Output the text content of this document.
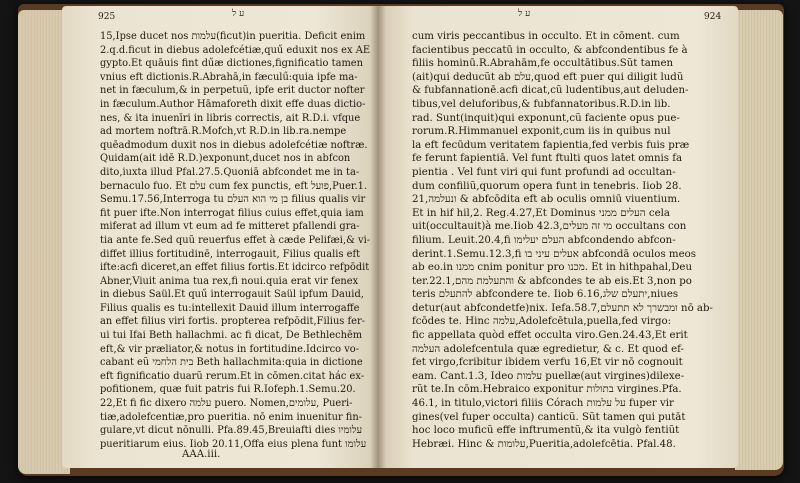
925	ע ל
15,Ipse ducet nos עלמות(ficut)in pueritia. Deficit enim
2.q.d.ficut in diebus adolefcétiæ,quű eduxit nos ex AE
gypto.Et quāuis fint dűæ dictiones,fignificatio tamen
vnius eft dictionis.R.Abrahā,in fæculű:quia ipfe ma-
net in fæculum,& in perpetuũ, ipfe erit ductor nofter
in fæculum.Author Hāmaforeth dixit effe duas dictio-
nes, & ita inuenīri in libris correctis, ait R.D.i. vfque
ad mortem noftrā.R.Mofch,vt R.D.in lib.ra.nempe
quēadmodum duxit nos in diebus adolefcétiæ noftræ.
Quidam(ait idē R.D.)exponunt,ducet nos in abfcon
dito,iuxta illud Pfal.27.5.Quoniā abfcondet me in ta-
bernaculo fuo. Et עלם cum fex punctis, eft פועל,Puer.1.
Semu.17.56,Interroga tu בן מי הוא העלם filius qualis vir
fit puer ifte.Non interrogat filius cuius effet,quia iam
miferat ad illum vt eum ad fe mitteret pfallendi gra-
tia ante fe.Sed quũ reuerfus effet à cæde Pelifæi,& vi-
diffet illius fortitudinē, interrogauit, Filius qualis eft
ifte:acfi diceret,an effet filius fortis.Et idcirco refpōdit
Abner,Viuit anima tua rex,fi noui.quia erat vir fenex
in diebus Saül.Et quű interrogauit Saül ipfum Dauid,
Filius qualis es tu:intellexit Dauid illum interrogaffe
an effet filius viri fortis. propterea refpōdit,Filius fer-
ui tui Ifai Beth hallachmi. ac fi dicat, De Bethlechēm
eft,& vir præliator,& notus in fortitudine.Idcirco vo-
cabant eũ בית הלחמי Beth hallachmita:quia in dictione
eft fignificatio duarũ rerum.Et in cōmen.citat hác ex-
pofitionem, quæ fuit patris fui R.Iofeph.1.Semu.20.
22,Et fi fic dixero עלמה puero. Nomen,עלומים, Pueri-
tiæ,adolefcentiæ,pro pueritia. nō enim inuenitur fin-
gulare,vt dicut nōnulli. Pfa.89.45,Breuiafti dies עלומיו
pueritiarum eius. Iiob 20.11,Offa eius plena funt עלומו
AAA.iii.
ע ל	924
cum viris peccantibus in occulto. Et in cōment. cum
facientibus peccatū in occulto, & abfcondentibus fe à
filiis hominū.R.Abrahām,fe occultātibus.Sũt tamen
(ait)qui deducũt ab עלם,quod eft puer qui diligit ludũ
& fubfannationē.acfi dicat,cũ ludentibus,aut deluden-
tibus,vel deluforibus,& fubfannatoribus.R.D.in lib.
rad. Sunt(inquit)qui exponunt,cũ faciente opus pue-
rorum.R.Himmanuel exponit,cum iis in quibus nul
la eft fecūdum veritatem fapientia,fed verbis fuis præ
fe ferunt fapientiā. Vel funt ftulti quos latet omnis fa
pientia . Vel funt viri qui funt profundi ad occultan-
dum confiliũ,quorum opera funt in tenebris. Iiob 28.
21,ונעלמה & abfcōdita eft ab oculis omniū viuentium.
Et in hif hil,2. Reg.4.27,Et Dominus העלים ממני cela
uit(occultauit)à me.Iiob 42.3,מי זה מעלים occultans con
filium. Leuit.20.4,fi העלם יעלימו abfcondendo abfcon-
derint.1.Semu.12.3,fi אעלים עיני בו abfcondā oculos meos
ab eo.in ממנו cnim ponitur pro מכנו. Et in hithpahal,Deu
ter.22.1,והתעלמת מהם & abfcondes te ab eis.Et 3,non po
teris להתעלם abfcondere te. Iiob 6.16,יתעלם שלג,niues
detur(aut abfcondetfe)nix. Iefa.58.7,ומבשרך לא תתעלם nō ab-
fcōdes te. Hinc עלמה,Adolefcētula,puella,fed virgo:
fic appellata quòd effet occulta viro.Gen.24.43,Et erit
העלמה adolefcentula quæ egredietur, & c. Et quod ef-
fet virgo,fcribitur ibidem verfu 16,Et vir nō cognouit
eam. Cant.1.3, Ideo עלמות puellæ(aut virgines)dilexe-
rũt te.In cōm.Hebraico exponitur בתולות virgines.Pfa.
46.1, in titulo,victori filiis Córach על עלמות fuper vir
gines(vel fuper occulta) canticũ. Sũt tamen qui putāt
hoc loco muficũ effe inftrumentũ,& ita vulgò fentiũt
Hebræi. Hinc & עלומות,Pueritia,adolefcētia. Pfal.48.
